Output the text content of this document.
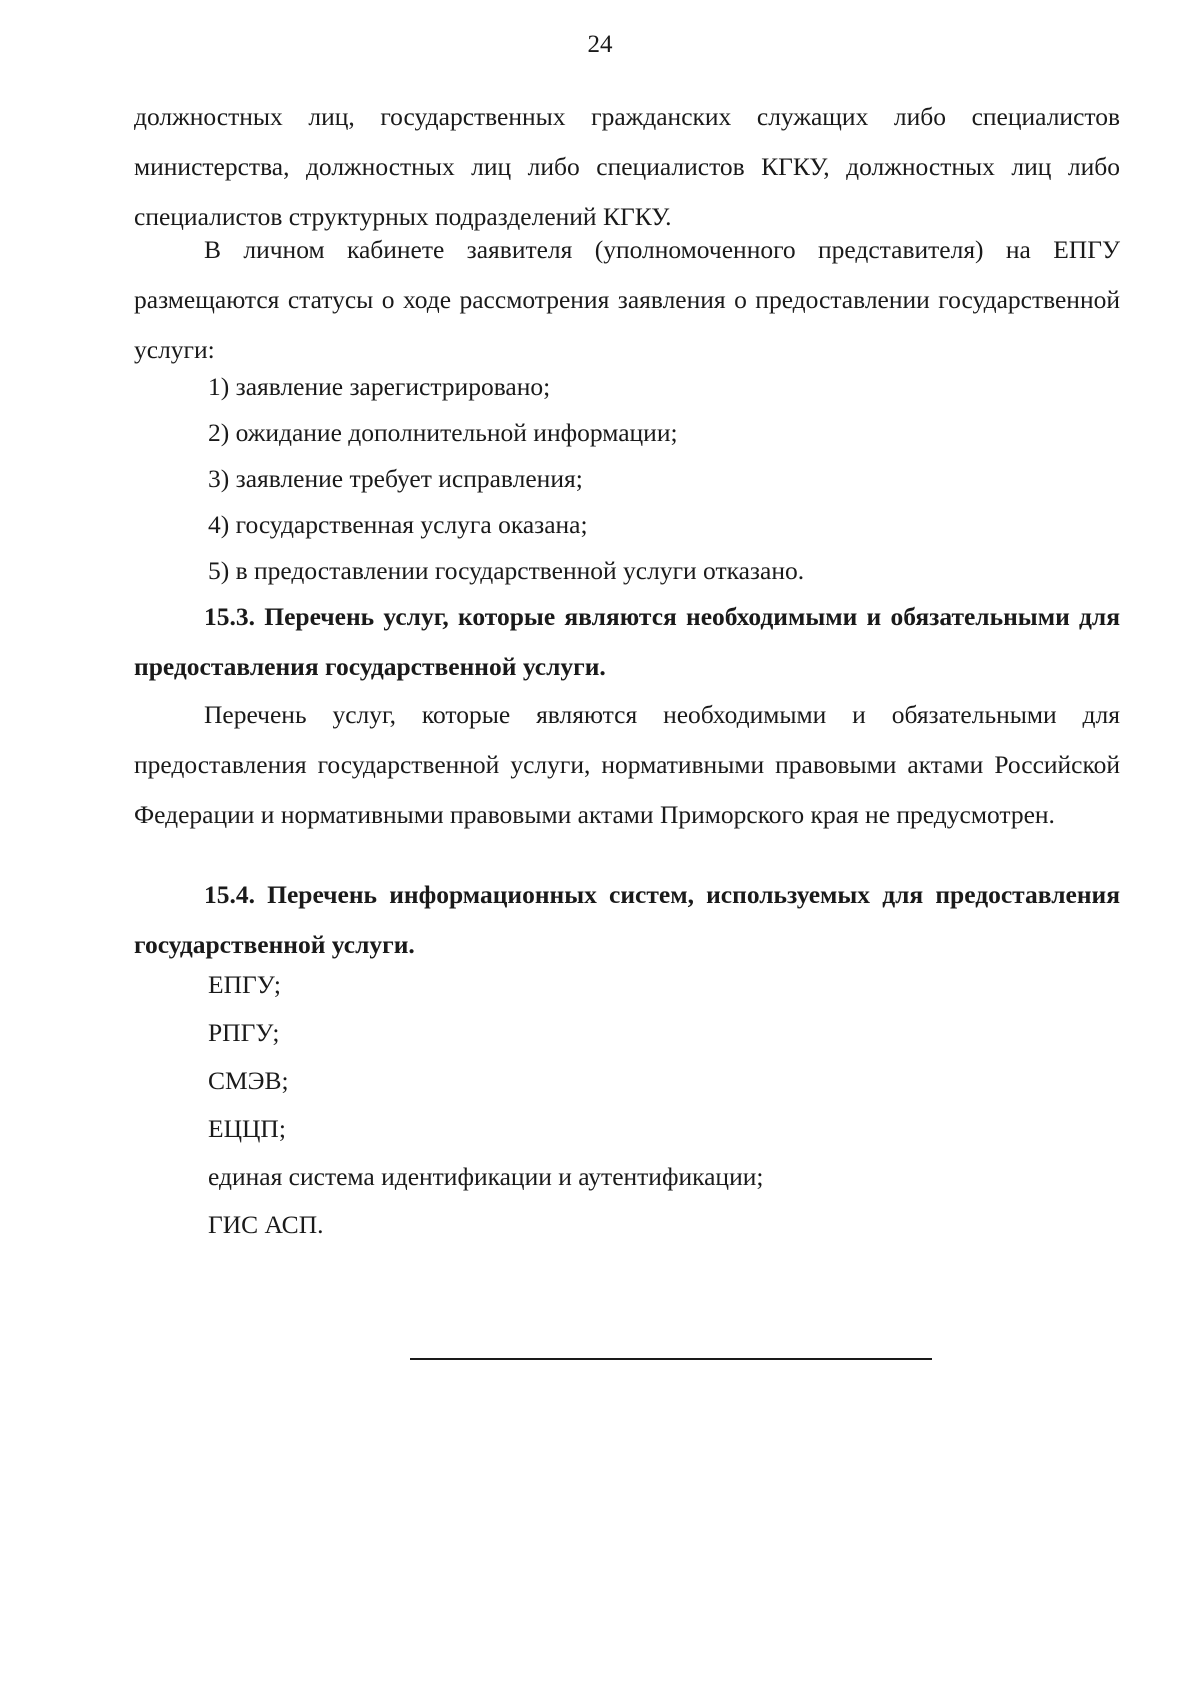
24

должностных лиц, государственных гражданских служащих либо специалистов министерства, должностных лиц либо специалистов КГКУ, должностных лиц либо специалистов структурных подразделений КГКУ.

В личном кабинете заявителя (уполномоченного представителя) на ЕПГУ размещаются статусы о ходе рассмотрения заявления о предоставлении государственной услуги:

1) заявление зарегистрировано;
2) ожидание дополнительной информации;
3) заявление требует исправления;
4) государственная услуга оказана;
5) в предоставлении государственной услуги отказано.

15.3. Перечень услуг, которые являются необходимыми и обязательными для предоставления государственной услуги.

Перечень услуг, которые являются необходимыми и обязательными для предоставления государственной услуги, нормативными правовыми актами Российской Федерации и нормативными правовыми актами Приморского края не предусмотрен.

15.4. Перечень информационных систем, используемых для предоставления государственной услуги.

ЕПГУ;
РПГУ;
СМЭВ;
ЕЦЦП;
единая система идентификации и аутентификации;
ГИС АСП.
